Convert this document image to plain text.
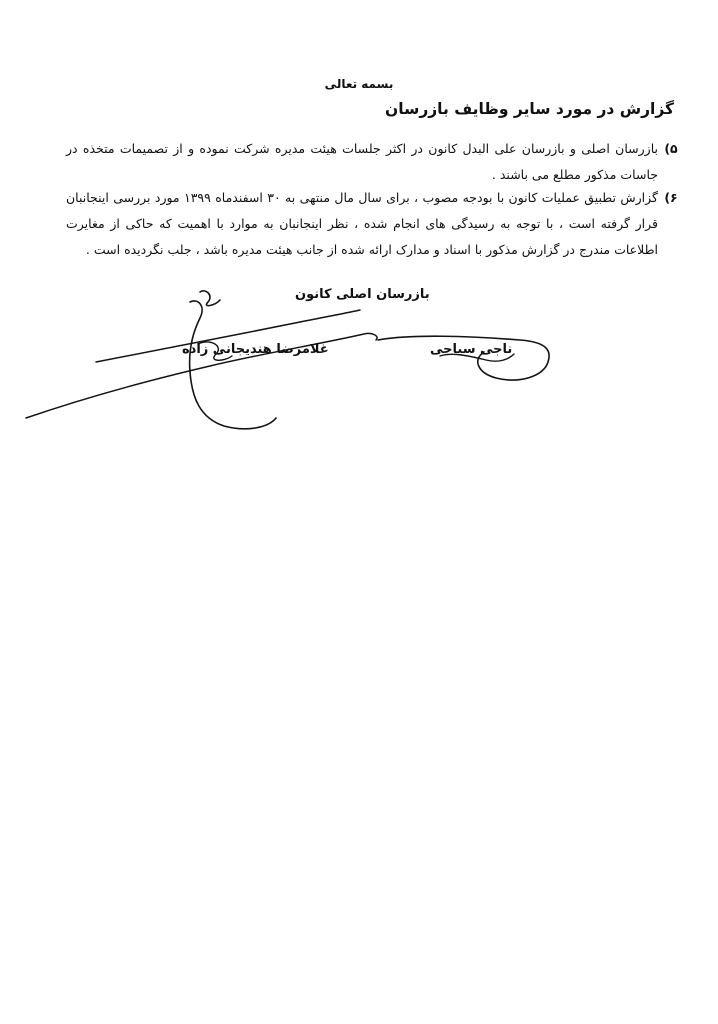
بسمه تعالی
گزارش در مورد سایر وظایف بازرسان
۵)
بازرسان اصلی و بازرسان علی البدل کانون در اکثر جلسات هیئت مدیره شرکت نموده و از تصمیمات متخذه در جاسات مذکور مطلع می باشند .
۶)
گزارش تطبیق عملیات کانون با بودجه مصوب ، برای سال مال منتهی به ۳۰ اسفندماه ۱۳۹۹ مورد بررسی اینجانبان قرار گرفته است ، با توجه به رسیدگی های انجام شده ، نظر اینجانبان به موارد با اهمیت که حاکی از مغایرت اطلاعات مندرج در گزارش مذکور با اسناد و مدارک ارائه شده از جانب هیئت مدیره باشد ، جلب نگردیده است .
بازرسان اصلی کانون
ناجی سیاحی
غلامرضا هندیجانی زاده
